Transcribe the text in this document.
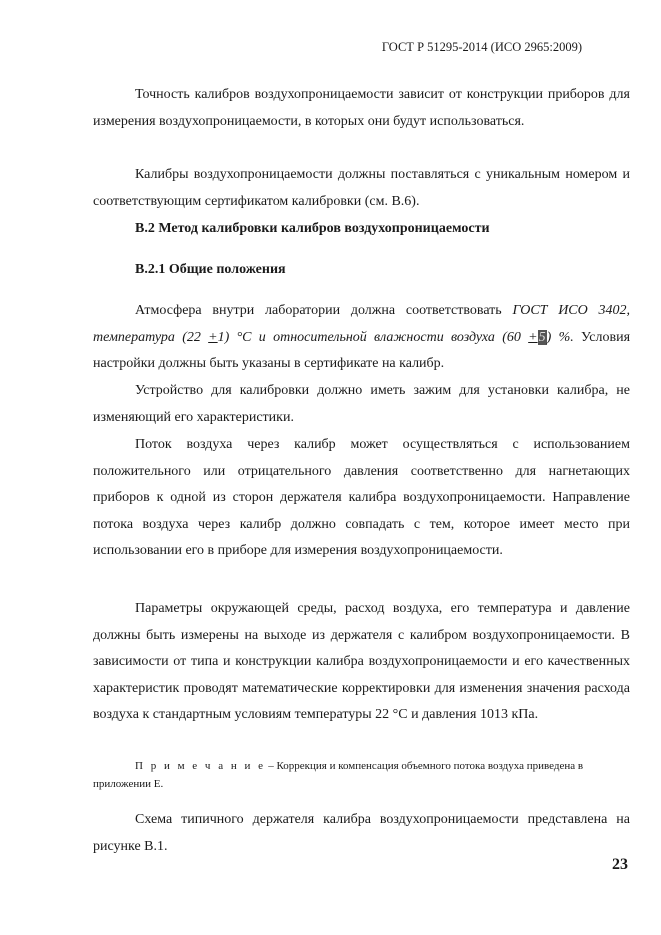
ГОСТ Р 51295-2014 (ИСО 2965:2009)

Точность калибров воздухопроницаемости зависит от конструкции приборов для измерения воздухопроницаемости, в которых они будут использоваться.

Калибры воздухопроницаемости должны поставляться с уникальным номером и соответствующим сертификатом калибровки (см. В.6).

В.2 Метод калибровки калибров воздухопроницаемости
В.2.1 Общие положения

Атмосфера внутри лаборатории должна соответствовать ГОСТ ИСО 3402, температура (22 +1) °С и относительной влажности воздуха (60 +5) %. Условия настройки должны быть указаны в сертификате на калибр.

Устройство для калибровки должно иметь зажим для установки калибра, не изменяющий его характеристики.

Поток воздуха через калибр может осуществляться с использованием положительного или отрицательного давления соответственно для нагнетающих приборов к одной из сторон держателя калибра воздухопроницаемости. Направление потока воздуха через калибр должно совпадать с тем, которое имеет место при использовании его в приборе для измерения воздухопроницаемости.

Параметры окружающей среды, расход воздуха, его температура и давление должны быть измерены на выходе из держателя с калибром воздухопроницаемости. В зависимости от типа и конструкции калибра воздухопроницаемости и его качественных характеристик проводят математические корректировки для изменения значения расхода воздуха к стандартным условиям температуры 22 °С и давления 1013 кПа.

П р и м е ч а н и е – Коррекция и компенсация объемного потока воздуха приведена в
приложении Е.

Схема типичного держателя калибра воздухопроницаемости представлена на рисунке В.1.

23
